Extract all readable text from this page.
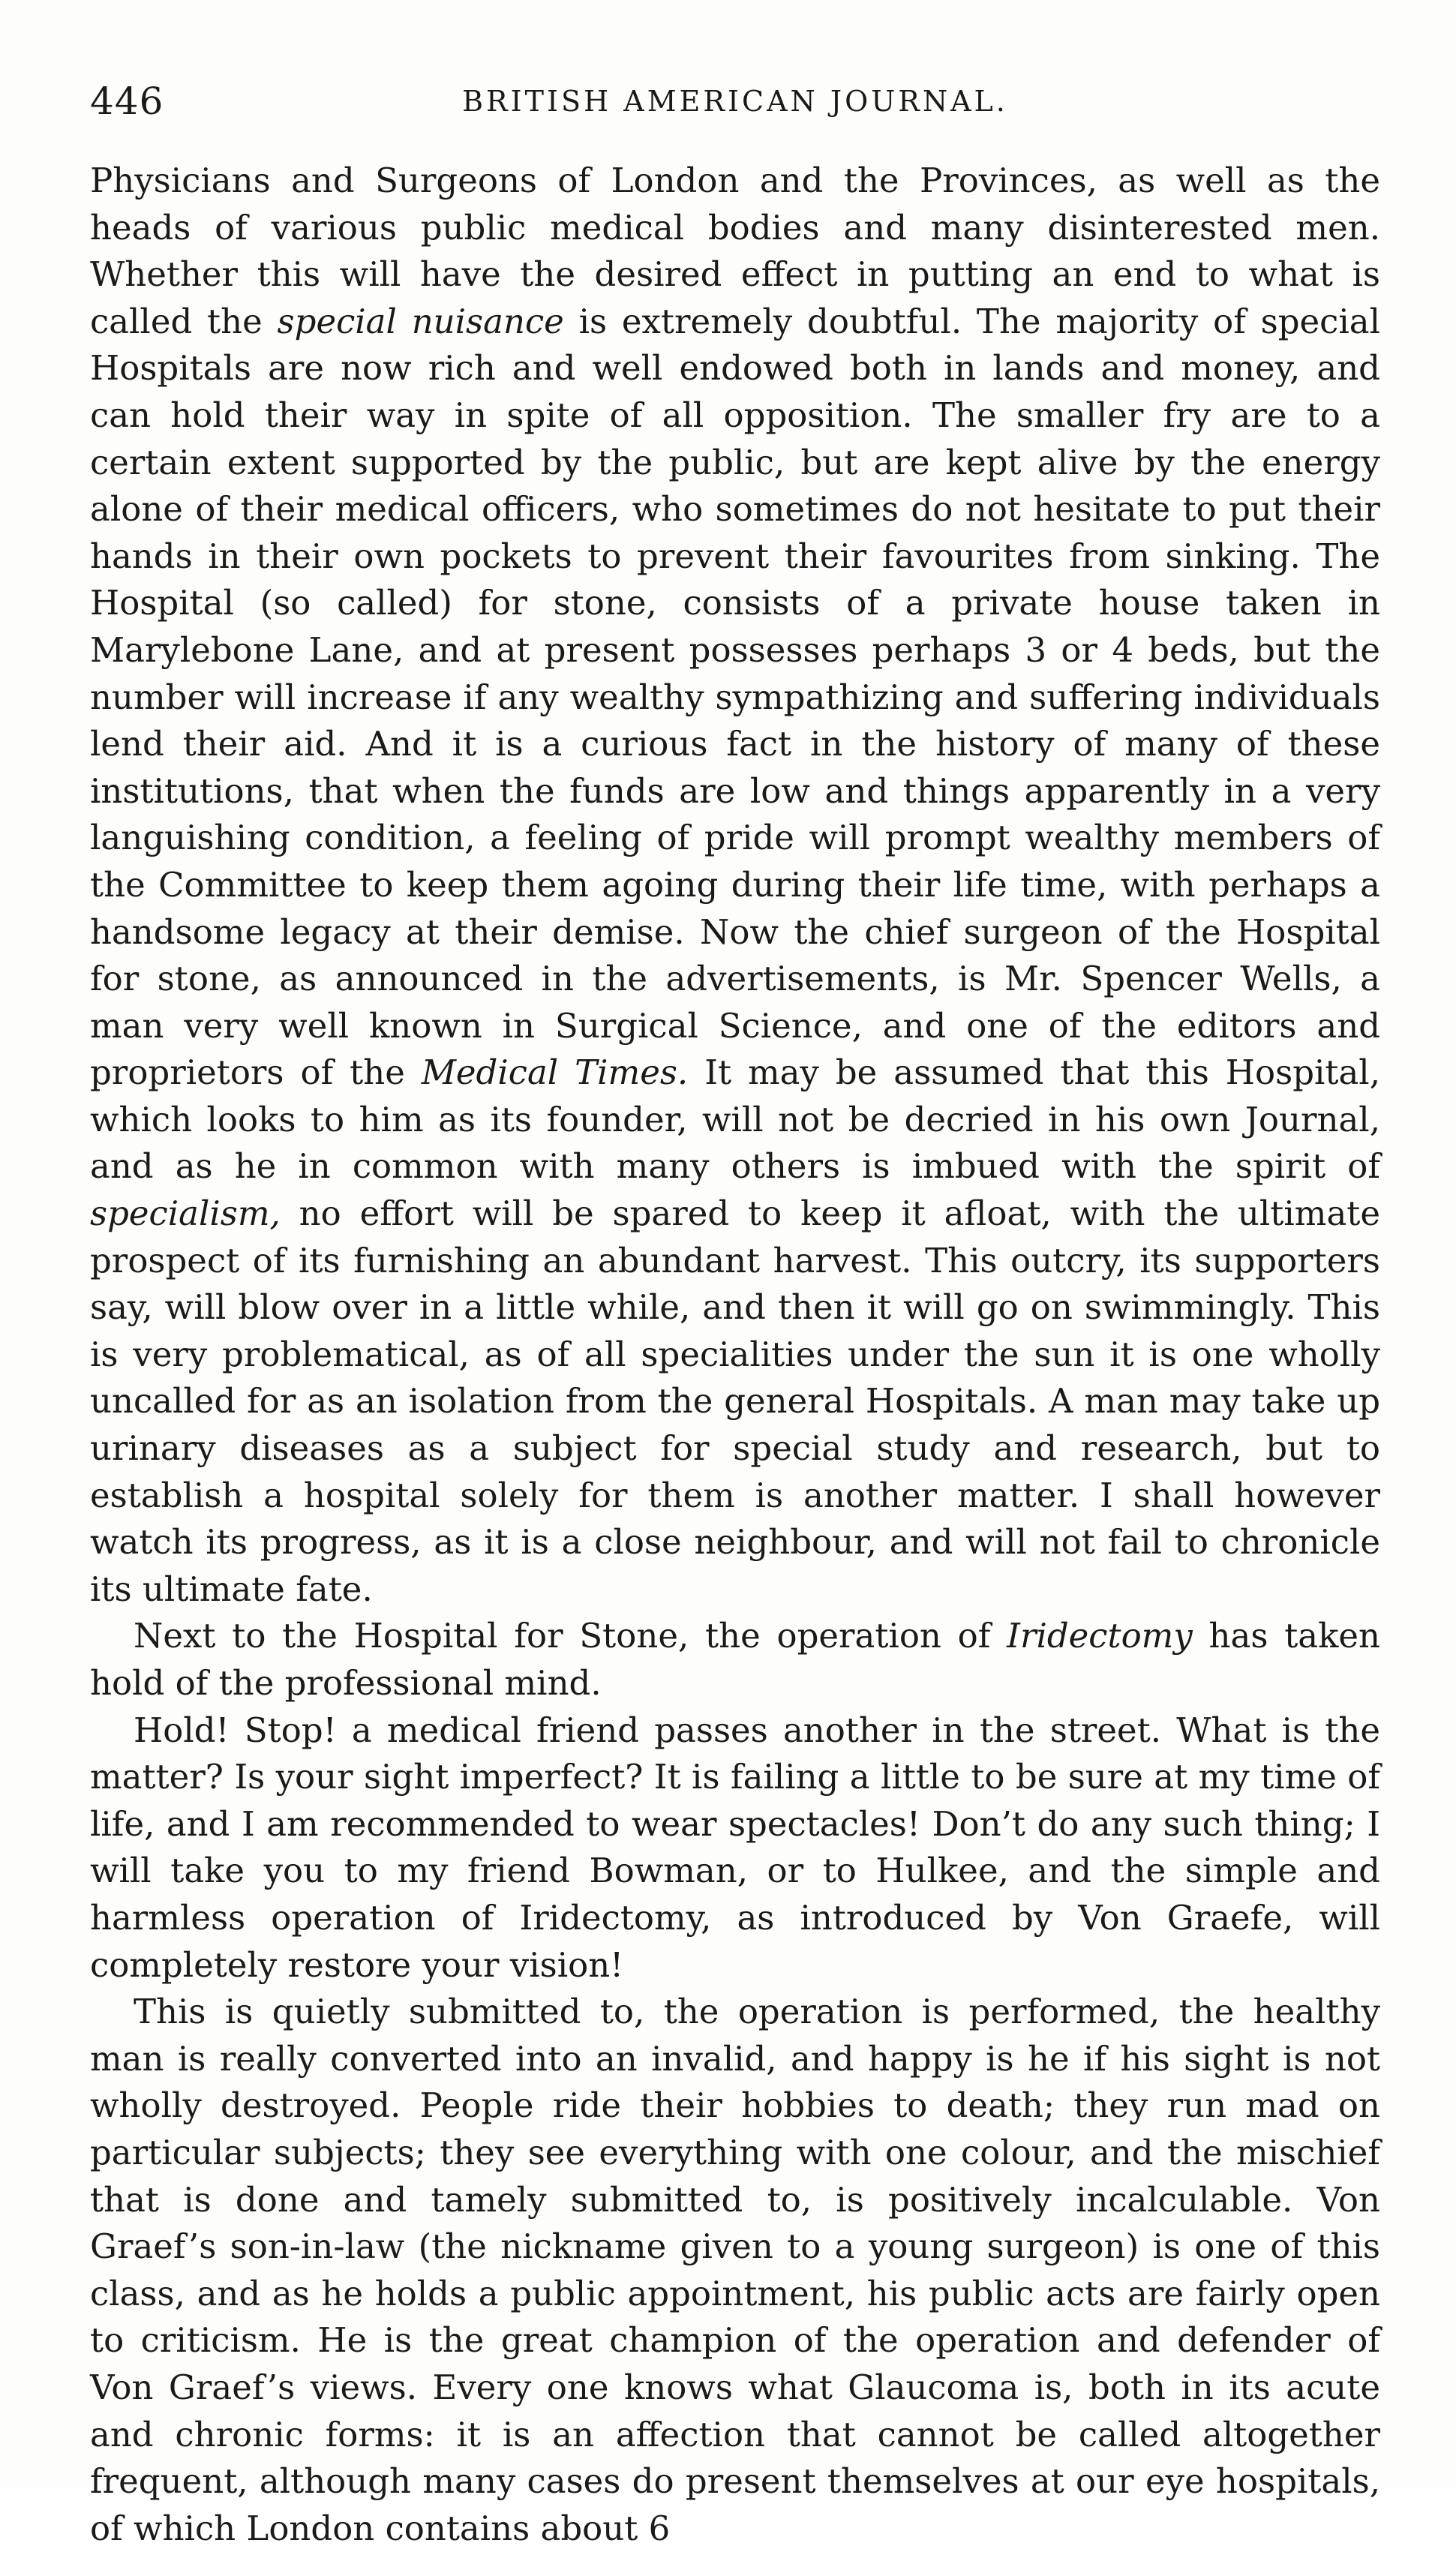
446	BRITISH AMERICAN JOURNAL.

Physicians and Surgeons of London and the Provinces, as well as the heads of various public medical bodies and many disinterested men. Whether this will have the desired effect in putting an end to what is called the special nuisance is extremely doubtful. The majority of special Hospitals are now rich and well endowed both in lands and money, and can hold their way in spite of all opposition. The smaller fry are to a certain extent supported by the public, but are kept alive by the energy alone of their medical officers, who sometimes do not hesitate to put their hands in their own pockets to prevent their favourites from sinking. The Hospital (so called) for stone, consists of a private house taken in Marylebone Lane, and at present possesses perhaps 3 or 4 beds, but the number will increase if any wealthy sympathizing and suffering individuals lend their aid. And it is a curious fact in the history of many of these institutions, that when the funds are low and things apparently in a very languishing condition, a feeling of pride will prompt wealthy members of the Committee to keep them agoing during their life time, with perhaps a handsome legacy at their demise. Now the chief surgeon of the Hospital for stone, as announced in the advertisements, is Mr. Spencer Wells, a man very well known in Surgical Science, and one of the editors and proprietors of the Medical Times. It may be assumed that this Hospital, which looks to him as its founder, will not be decried in his own Journal, and as he in common with many others is imbued with the spirit of specialism, no effort will be spared to keep it afloat, with the ultimate prospect of its furnishing an abundant harvest. This outcry, its supporters say, will blow over in a little while, and then it will go on swimmingly. This is very problematical, as of all specialities under the sun it is one wholly uncalled for as an isolation from the general Hospitals. A man may take up urinary diseases as a subject for special study and research, but to establish a hospital solely for them is another matter. I shall however watch its progress, as it is a close neighbour, and will not fail to chronicle its ultimate fate.

Next to the Hospital for Stone, the operation of Iridectomy has taken hold of the professional mind.

Hold! Stop! a medical friend passes another in the street. What is the matter? Is your sight imperfect? It is failing a little to be sure at my time of life, and I am recommended to wear spectacles! Don’t do any such thing; I will take you to my friend Bowman, or to Hulkee, and the simple and harmless operation of Iridectomy, as introduced by Von Graefe, will completely restore your vision!

This is quietly submitted to, the operation is performed, the healthy man is really converted into an invalid, and happy is he if his sight is not wholly destroyed. People ride their hobbies to death; they run mad on particular subjects; they see everything with one colour, and the mischief that is done and tamely submitted to, is positively incalculable. Von Graef’s son-in-law (the nickname given to a young surgeon) is one of this class, and as he holds a public appointment, his public acts are fairly open to criticism. He is the great champion of the operation and defender of Von Graef’s views. Every one knows what Glaucoma is, both in its acute and chronic forms: it is an affection that cannot be called altogether frequent, although many cases do present themselves at our eye hospitals, of which London contains about 6
